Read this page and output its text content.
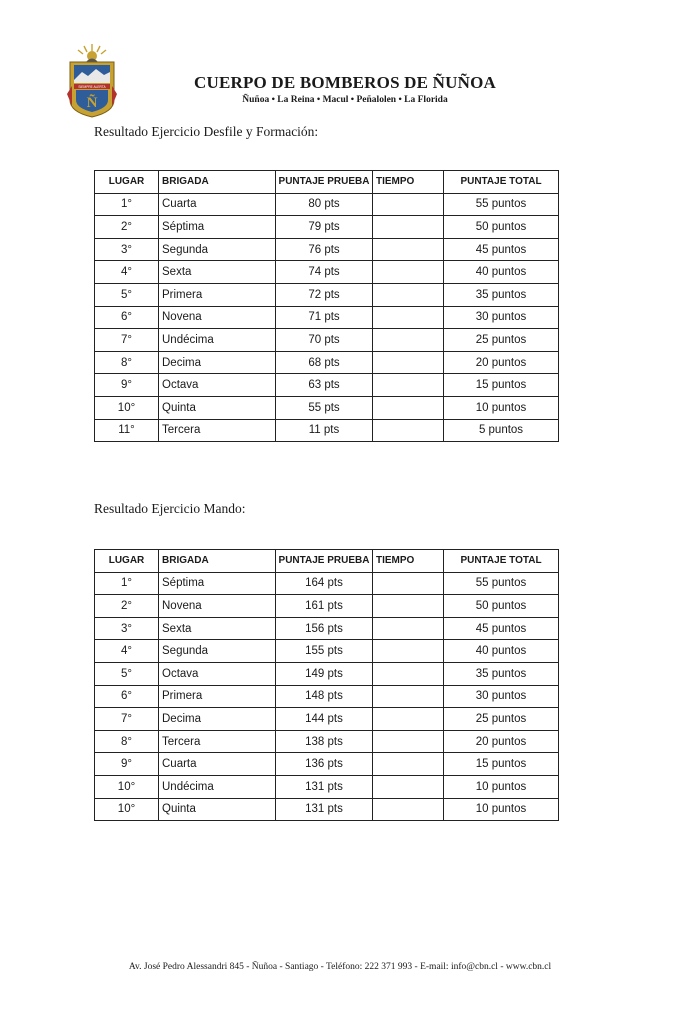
SIEMPRE ALERTA
Ñ
CUERPO DE BOMBEROS DE ÑUÑOA
Ñuñoa • La Reina • Macul • Peñalolen • La Florida
Resultado Ejercicio Desfile y Formación:
LUGAR	BRIGADA	PUNTAJE PRUEBA	TIEMPO	PUNTAJE TOTAL
1°	Cuarta	80 pts		55 puntos
2°	Séptima	79 pts		50 puntos
3°	Segunda	76 pts		45 puntos
4°	Sexta	74 pts		40 puntos
5°	Primera	72 pts		35 puntos
6°	Novena	71 pts		30 puntos
7°	Undécima	70 pts		25 puntos
8°	Decima	68 pts		20 puntos
9°	Octava	63 pts		15 puntos
10°	Quinta	55 pts		10 puntos
11°	Tercera	11 pts		5 puntos
Resultado Ejercicio Mando:
LUGAR	BRIGADA	PUNTAJE PRUEBA	TIEMPO	PUNTAJE TOTAL
1°	Séptima	164 pts		55 puntos
2°	Novena	161 pts		50 puntos
3°	Sexta	156 pts		45 puntos
4°	Segunda	155 pts		40 puntos
5°	Octava	149 pts		35 puntos
6°	Primera	148 pts		30 puntos
7°	Decima	144 pts		25 puntos
8°	Tercera	138 pts		20 puntos
9°	Cuarta	136 pts		15 puntos
10°	Undécima	131 pts		10 puntos
10°	Quinta	131 pts		10 puntos
Av. José Pedro Alessandri 845 - Ñuñoa - Santiago - Teléfono: 222 371 993 - E-mail: info@cbn.cl - www.cbn.cl
